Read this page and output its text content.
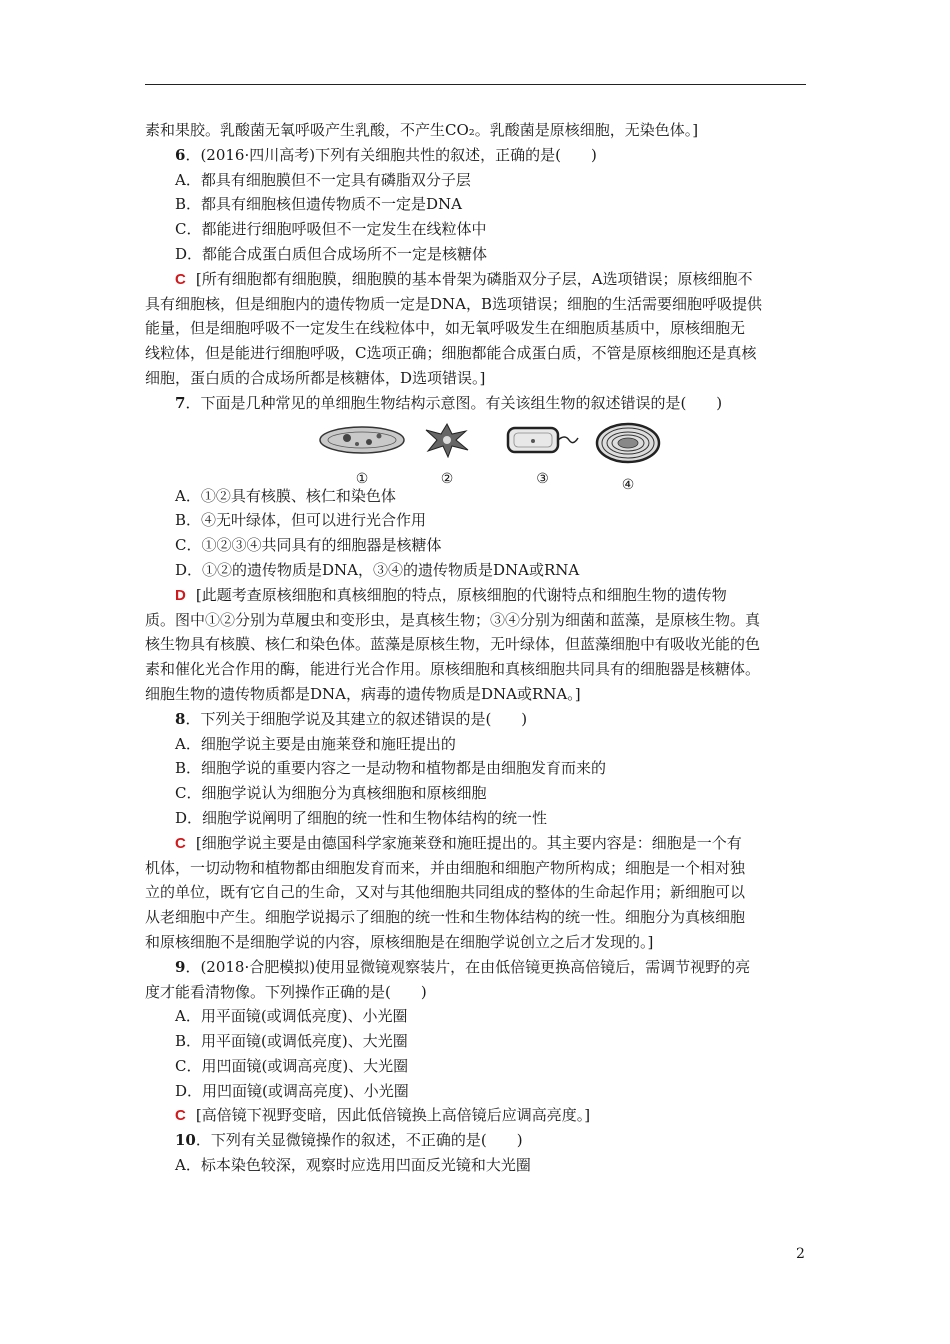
素和果胶。乳酸菌无氧呼吸产生乳酸，不产生CO₂。乳酸菌是原核细胞，无染色体。]
6．(2016·四川高考)下列有关细胞共性的叙述，正确的是(　　)
A．都具有细胞膜但不一定具有磷脂双分子层
B．都具有细胞核但遗传物质不一定是DNA
C．都能进行细胞呼吸但不一定发生在线粒体中
D．都能合成蛋白质但合成场所不一定是核糖体
C [所有细胞都有细胞膜，细胞膜的基本骨架为磷脂双分子层，A选项错误；原核细胞不
具有细胞核，但是细胞内的遗传物质一定是DNA，B选项错误；细胞的生活需要细胞呼吸提供
能量，但是细胞呼吸不一定发生在线粒体中，如无氧呼吸发生在细胞质基质中，原核细胞无
线粒体，但是能进行细胞呼吸，C选项正确；细胞都能合成蛋白质，不管是原核细胞还是真核
细胞，蛋白质的合成场所都是核糖体，D选项错误。]
7．下面是几种常见的单细胞生物结构示意图。有关该组生物的叙述错误的是(　　)
①	②	③	④
A．①②具有核膜、核仁和染色体
B．④无叶绿体，但可以进行光合作用
C．①②③④共同具有的细胞器是核糖体
D．①②的遗传物质是DNA，③④的遗传物质是DNA或RNA
D [此题考查原核细胞和真核细胞的特点，原核细胞的代谢特点和细胞生物的遗传物
质。图中①②分别为草履虫和变形虫，是真核生物；③④分别为细菌和蓝藻，是原核生物。真
核生物具有核膜、核仁和染色体。蓝藻是原核生物，无叶绿体，但蓝藻细胞中有吸收光能的色
素和催化光合作用的酶，能进行光合作用。原核细胞和真核细胞共同具有的细胞器是核糖体。
细胞生物的遗传物质都是DNA，病毒的遗传物质是DNA或RNA。]
8．下列关于细胞学说及其建立的叙述错误的是(　　)
A．细胞学说主要是由施莱登和施旺提出的
B．细胞学说的重要内容之一是动物和植物都是由细胞发育而来的
C．细胞学说认为细胞分为真核细胞和原核细胞
D．细胞学说阐明了细胞的统一性和生物体结构的统一性
C [细胞学说主要是由德国科学家施莱登和施旺提出的。其主要内容是：细胞是一个有
机体，一切动物和植物都由细胞发育而来，并由细胞和细胞产物所构成；细胞是一个相对独
立的单位，既有它自己的生命，又对与其他细胞共同组成的整体的生命起作用；新细胞可以
从老细胞中产生。细胞学说揭示了细胞的统一性和生物体结构的统一性。细胞分为真核细胞
和原核细胞不是细胞学说的内容，原核细胞是在细胞学说创立之后才发现的。]
9．(2018·合肥模拟)使用显微镜观察装片，在由低倍镜更换高倍镜后，需调节视野的亮
度才能看清物像。下列操作正确的是(　　)
A．用平面镜(或调低亮度)、小光圈
B．用平面镜(或调低亮度)、大光圈
C．用凹面镜(或调高亮度)、大光圈
D．用凹面镜(或调高亮度)、小光圈
C [高倍镜下视野变暗，因此低倍镜换上高倍镜后应调高亮度。]
10．下列有关显微镜操作的叙述，不正确的是(　　)
A．标本染色较深，观察时应选用凹面反光镜和大光圈
2
